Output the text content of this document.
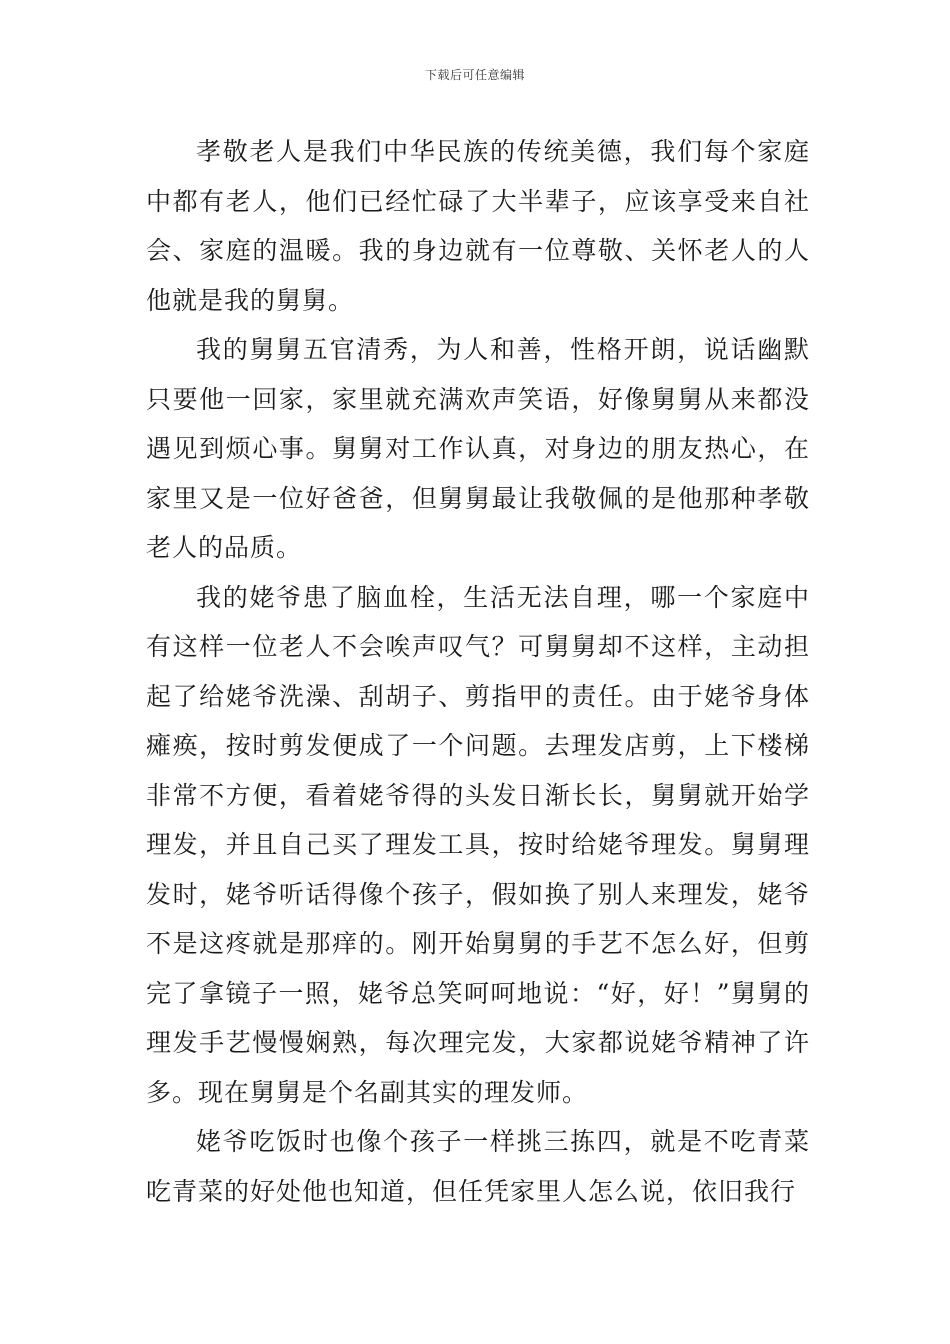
下载后可任意编辑

孝敬老人是我们中华民族的传统美德，我们每个家庭中都有老人，他们已经忙碌了大半辈子，应该享受来自社会、家庭的温暖。我的身边就有一位尊敬、关怀老人的人他就是我的舅舅。

我的舅舅五官清秀，为人和善，性格开朗，说话幽默只要他一回家，家里就充满欢声笑语，好像舅舅从来都没遇见到烦心事。舅舅对工作认真，对身边的朋友热心，在家里又是一位好爸爸，但舅舅最让我敬佩的是他那种孝敬老人的品质。

我的姥爷患了脑血栓，生活无法自理，哪一个家庭中有这样一位老人不会唉声叹气？可舅舅却不这样，主动担起了给姥爷洗澡、刮胡子、剪指甲的责任。由于姥爷身体瘫痪，按时剪发便成了一个问题。去理发店剪，上下楼梯非常不方便，看着姥爷得的头发日渐长长，舅舅就开始学理发，并且自己买了理发工具，按时给姥爷理发。舅舅理发时，姥爷听话得像个孩子，假如换了别人来理发，姥爷不是这疼就是那痒的。刚开始舅舅的手艺不怎么好，但剪完了拿镜子一照，姥爷总笑呵呵地说：“好，好！”舅舅的理发手艺慢慢娴熟，每次理完发，大家都说姥爷精神了许多。现在舅舅是个名副其实的理发师。

姥爷吃饭时也像个孩子一样挑三拣四，就是不吃青菜吃青菜的好处他也知道，但任凭家里人怎么说，依旧我行
